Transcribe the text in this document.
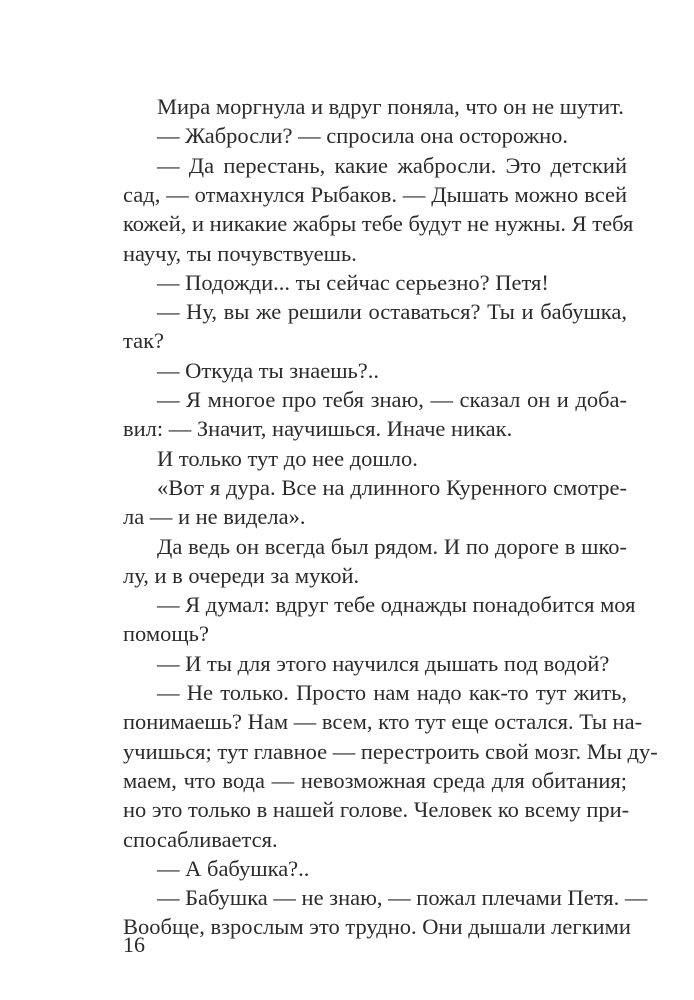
Мира моргнула и вдруг поняла, что он не шутит.
— Жабросли? — спросила она осторожно.
— Да перестань, какие жабросли. Это детский
сад, — отмахнулся Рыбаков. — Дышать можно всей
кожей, и никакие жабры тебе будут не нужны. Я тебя
научу, ты почувствуешь.
— Подожди... ты сейчас серьезно? Петя!
— Ну, вы же решили оставаться? Ты и бабушка,
так?
— Откуда ты знаешь?..
— Я многое про тебя знаю, — сказал он и доба-
вил: — Значит, научишься. Иначе никак.
И только тут до нее дошло.
«Вот я дура. Все на длинного Куренного смотре-
ла — и не видела».
Да ведь он всегда был рядом. И по дороге в шко-
лу, и в очереди за мукой.
— Я думал: вдруг тебе однажды понадобится моя
помощь?
— И ты для этого научился дышать под водой?
— Не только. Просто нам надо как-то тут жить,
понимаешь? Нам — всем, кто тут еще остался. Ты на-
учишься; тут главное — перестроить свой мозг. Мы ду-
маем, что вода — невозможная среда для обитания;
но это только в нашей голове. Человек ко всему при-
спосабливается.
— А бабушка?..
— Бабушка — не знаю, — пожал плечами Петя. —
Вообще, взрослым это трудно. Они дышали легкими
16
